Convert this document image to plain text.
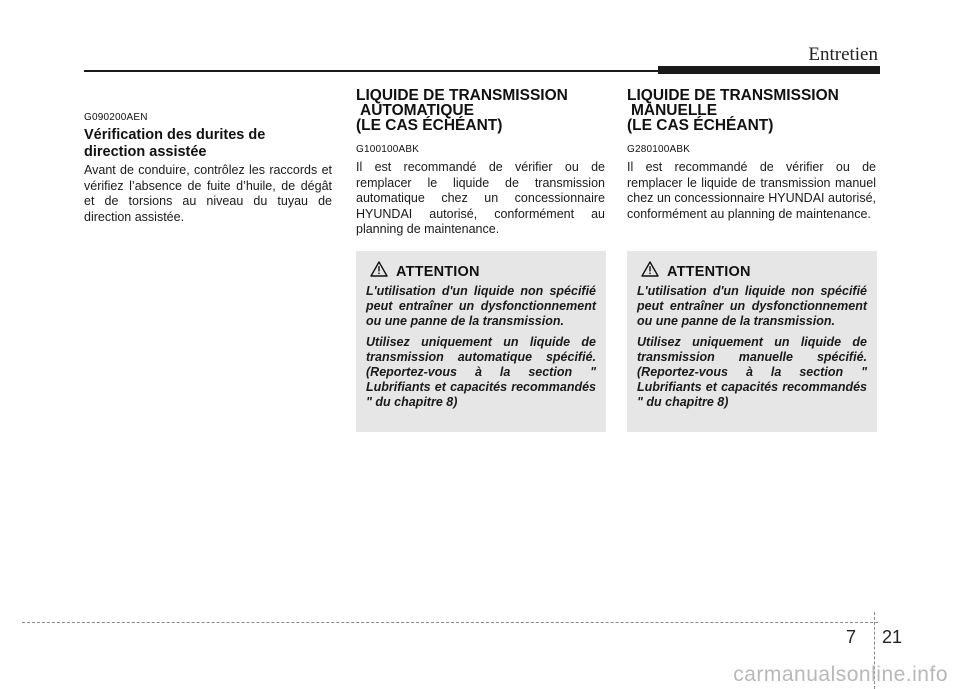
Entretien
G090200AEN
Vérification des durites de
direction assistée
Avant de conduire, contrôlez les raccords et vérifiez l’absence de fuite d’huile, de dégât et de torsions au niveau du tuyau de direction assistée.
LIQUIDE DE TRANSMISSION
AUTOMATIQUE
(LE CAS ÉCHÉANT)
G100100ABK
Il est recommandé de vérifier ou de remplacer le liquide de transmission automatique chez un concessionnaire HYUNDAI autorisé, conformément au planning de maintenance.
ATTENTION

L'utilisation d'un liquide non spécifié peut entraîner un dysfonctionnement ou une panne de la transmission.

Utilisez uniquement un liquide de transmission automatique spécifié. (Reportez-vous à la section " Lubrifiants et capacités recommandés " du chapitre 8)

LIQUIDE DE TRANSMISSION
MANUELLE
(LE CAS ÉCHÉANT)
G280100ABK
Il est recommandé de vérifier ou de remplacer le liquide de transmission manuel chez un concessionnaire HYUNDAI autorisé, conformément au planning de maintenance.
ATTENTION

L'utilisation d'un liquide non spécifié peut entraîner un dysfonctionnement ou une panne de la transmission.

Utilisez uniquement un liquide de transmission manuelle spécifié. (Reportez-vous à la section " Lubrifiants et capacités recommandés " du chapitre 8)

7 21
carmanualsonline.info
